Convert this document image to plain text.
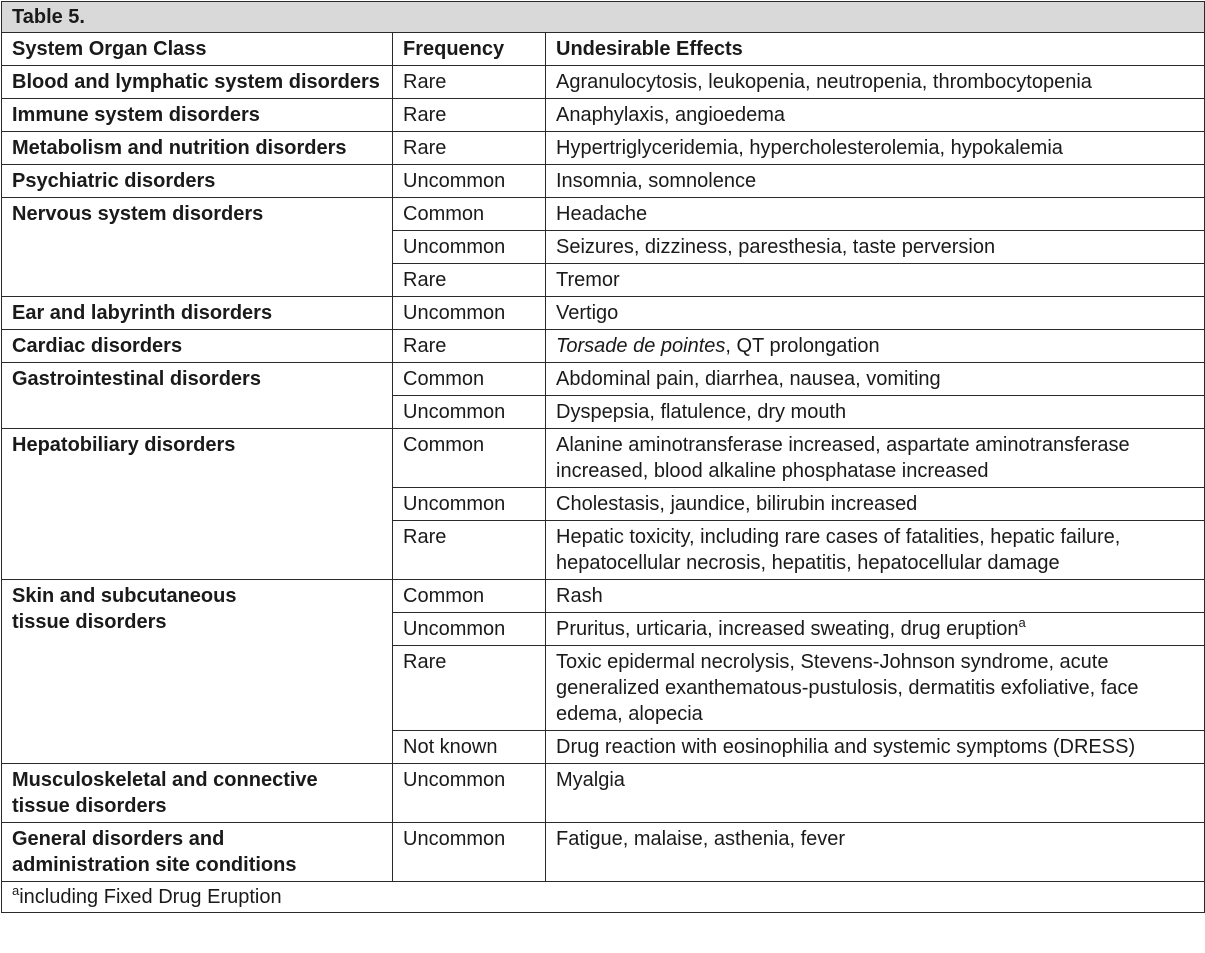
Table 5.		
System Organ Class	Frequency	Undesirable Effects
Blood and lymphatic system disorders	Rare	Agranulocytosis, leukopenia, neutropenia, thrombocytopenia
Immune system disorders	Rare	Anaphylaxis, angioedema
Metabolism and nutrition disorders	Rare	Hypertriglyceridemia, hypercholesterolemia, hypokalemia
Psychiatric disorders	Uncommon	Insomnia, somnolence
Nervous system disorders	Common	Headache
	Uncommon	Seizures, dizziness, paresthesia, taste perversion
	Rare	Tremor
Ear and labyrinth disorders	Uncommon	Vertigo
Cardiac disorders	Rare	Torsade de pointes, QT prolongation
Gastrointestinal disorders	Common	Abdominal pain, diarrhea, nausea, vomiting
	Uncommon	Dyspepsia, flatulence, dry mouth
Hepatobiliary disorders	Common	Alanine aminotransferase increased, aspartate aminotransferase increased, blood alkaline phosphatase increased
	Uncommon	Cholestasis, jaundice, bilirubin increased
	Rare	Hepatic toxicity, including rare cases of fatalities, hepatic failure, hepatocellular necrosis, hepatitis, hepatocellular damage
Skin and subcutaneous
tissue disorders	Common	Rash
	Uncommon	Pruritus, urticaria, increased sweating, drug eruption$^a$
	Rare	Toxic epidermal necrolysis, Stevens-Johnson syndrome, acute generalized exanthematous-pustulosis, dermatitis exfoliative, face edema, alopecia
	Not known	Drug reaction with eosinophilia and systemic symptoms (DRESS)
Musculoskeletal and connective
tissue disorders	Uncommon	Myalgia
General disorders and
administration site conditions	Uncommon	Fatigue, malaise, asthenia, fever
$^a$including Fixed Drug Eruption		
